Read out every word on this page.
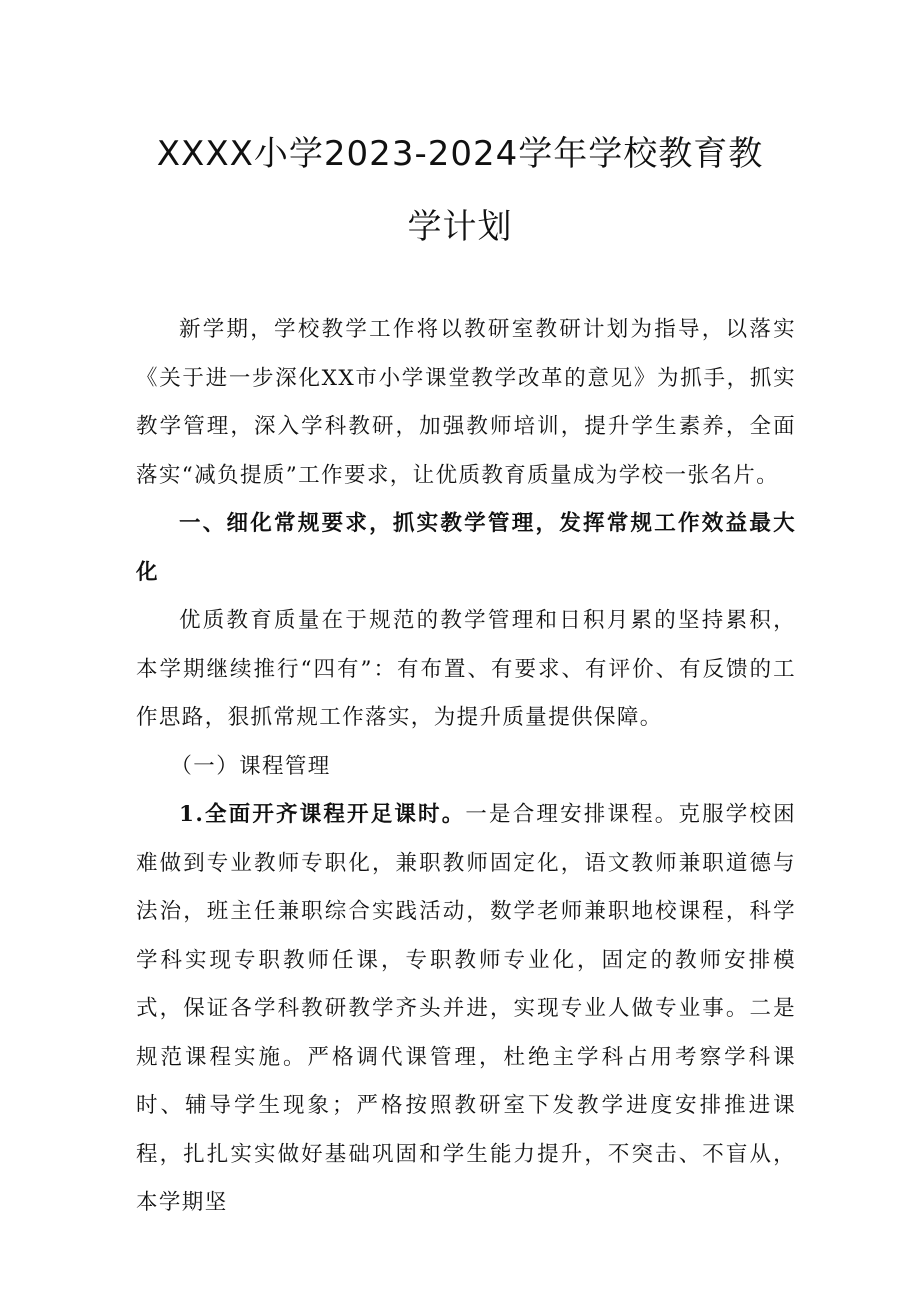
XXXX小学2023-2024学年学校教育教
学计划

新学期，学校教学工作将以教研室教研计划为指导，以落实《关于进一步深化XX市小学课堂教学改革的意见》为抓手，抓实教学管理，深入学科教研，加强教师培训，提升学生素养，全面落实“减负提质”工作要求，让优质教育质量成为学校一张名片。

一、细化常规要求，抓实教学管理，发挥常规工作效益最大化

优质教育质量在于规范的教学管理和日积月累的坚持累积，本学期继续推行“四有”：有布置、有要求、有评价、有反馈的工作思路，狠抓常规工作落实，为提升质量提供保障。

（一）课程管理

1.全面开齐课程开足课时。一是合理安排课程。克服学校困难做到专业教师专职化，兼职教师固定化，语文教师兼职道德与法治，班主任兼职综合实践活动，数学老师兼职地校课程，科学学科实现专职教师任课，专职教师专业化，固定的教师安排模式，保证各学科教研教学齐头并进，实现专业人做专业事。二是规范课程实施。严格调代课管理，杜绝主学科占用考察学科课时、辅导学生现象；严格按照教研室下发教学进度安排推进课程，扎扎实实做好基础巩固和学生能力提升，不突击、不盲从，本学期坚
